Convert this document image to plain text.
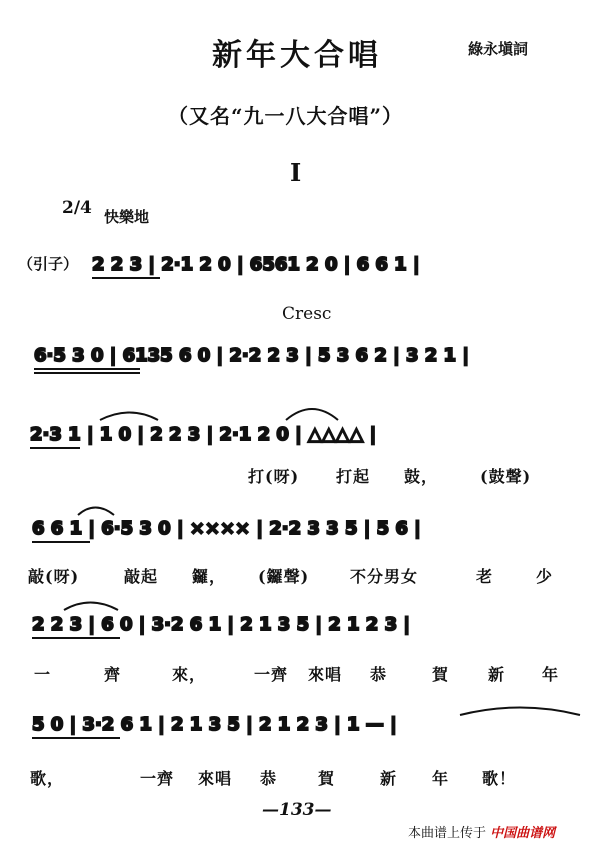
新年大合唱	綠永塡詞
（又名“九一八大合唱”）
I
2/4 快樂地
（引子）
Cresc
2 2 3 | 2·1 2 0 | 6561 2 0 | 6 6 1 |
6·5 3 0 | 6135 6 0 | 2·2 2 3 | 5 3 6 2 | 3 2 1 |
2·3 1 | 1 0 | 2 2 3 | 2·1 2 0 | △△△△ |
6 6 1 | 6·5 3 0 | ×××× | 2·2 3 3 5 | 5 6 |
2 2 3 | 6 0 | 3·2 6 1 | 2 1 3 5 | 2 1 2 3 |
5 0 | 3·2 6 1 | 2 1 3 5 | 2 1 2 3 | 1 — |
打(呀) 打起 鼓，	(鼓聲)
敲(呀)	敲起 鑼， (鑼聲)	不分男女	老	少
一	齊	來，	一齊 來唱 恭	賀 新 年
歌，	一齊 來唱 恭	賀	新 年 歌！
—133—
本曲谱上传于 中国曲谱网
